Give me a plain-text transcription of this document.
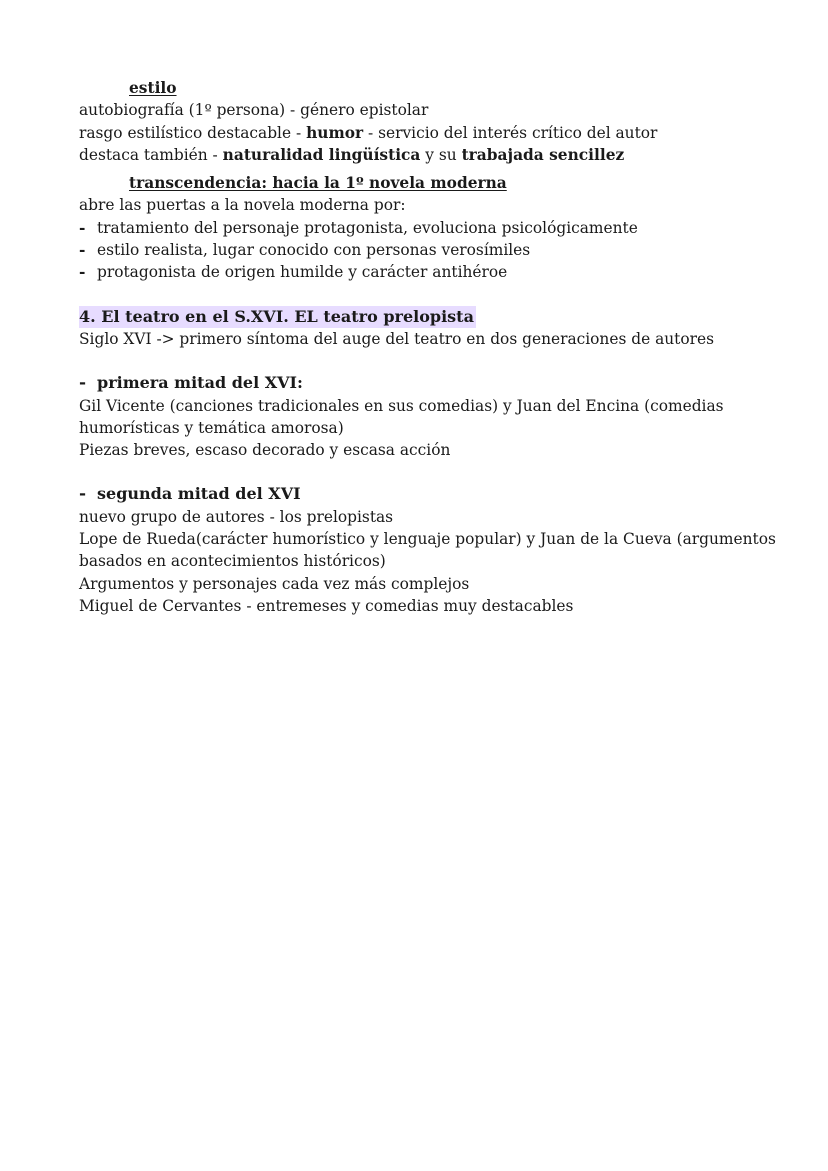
estilo
autobiografía (1º persona) - género epistolar
rasgo estilístico destacable - humor - servicio del interés crítico del autor
destaca también - naturalidad lingüística y su trabajada sencillez
transcendencia: hacia la 1º novela moderna
abre las puertas a la novela moderna por:
- tratamiento del personaje protagonista, evoluciona psicológicamente
- estilo realista, lugar conocido con personas verosímiles
- protagonista de origen humilde y carácter antihéroe
4. El teatro en el S.XVI. EL teatro prelopista
Siglo XVI -> primero síntoma del auge del teatro en dos generaciones de autores
- primera mitad del XVI:
Gil Vicente (canciones tradicionales en sus comedias) y Juan del Encina (comedias humorísticas y temática amorosa)
Piezas breves, escaso decorado y escasa acción
- segunda mitad del XVI
nuevo grupo de autores - los prelopistas
Lope de Rueda(carácter humorístico y lenguaje popular) y Juan de la Cueva (argumentos basados en acontecimientos históricos)
Argumentos y personajes cada vez más complejos
Miguel de Cervantes - entremeses y comedias muy destacables
